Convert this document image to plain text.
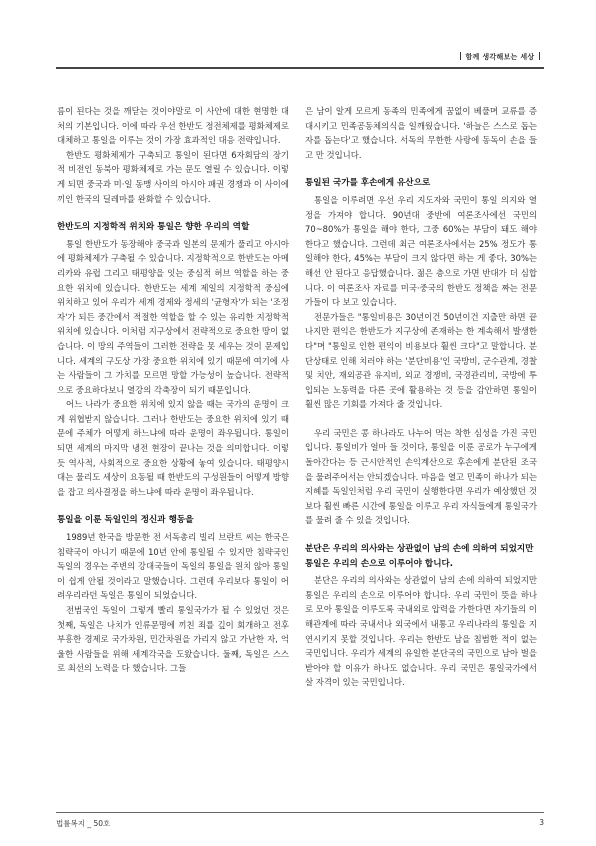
함께 생각해보는 세상

름이 된다는 것을 깨닫는 것이야말로 이 사안에 대한 현명한 대처의 기본입니다. 이에 따라 우선 한반도 정전체제를 평화체제로 대체하고 통일을 이루는 것이 가장 효과적인 대응 전략입니다.

한반도 평화체제가 구축되고 통일이 된다면 6자회담의 장기적 비전인 동북아 평화체제로 가는 문도 열릴 수 있습니다. 이렇게 되면 중국과 미·일 동맹 사이의 아시아 패권 경쟁과 이 사이에 끼인 한국의 딜레마를 완화할 수 있습니다.

한반도의 지정학적 위치와 통일은 향한 우리의 역할

통일 한반도가 동장해야 중국과 일본의 문제가 풀리고 아시아에 평화체제가 구축될 수 있습니다. 지정학적으로 한반도는 아메리카와 유럽 그리고 태평양을 잇는 중심적 허브 역할을 하는 중요한 위치에 있습니다. 한반도는 세계 제일의 지정학적 중심에 위치하고 있어 우리가 세계 경제와 정세의 '균형자'가 되는 '조정자'가 되든 중간에서 적절한 역할을 할 수 있는 유리한 지정학적 위치에 있습니다. 이처럼 지구상에서 전략적으로 중요한 땅이 없습니다. 이 땅의 주역들이 그러한 전략을 못 세우는 것이 문제입니다. 세계의 구도상 가장 중요한 위치에 있기 때문에 여기에 사는 사람들이 그 가치를 모르면 망할 가능성이 높습니다. 전략적으로 중요하다보니 열강의 각축장이 되기 때문입니다.

어느 나라가 중요한 위치에 있지 않을 때는 국가의 운명이 크게 위협받지 않습니다. 그러나 한반도는 중요한 위치에 있기 때문에 주체가 어떻게 하느냐에 따라 운명이 좌우됩니다. 통일이 되면 세계의 마지막 냉전 현장이 끝나는 것을 의미합니다. 이렇듯 역사적, 사회적으로 중요한 상황에 놓여 있습니다. 태평양시대는 물리도 세상이 요동될 때 한반도의 구성원들이 어떻게 방향을 잡고 의사결정을 하느냐에 따라 운명이 좌우됩니다.

통일을 이룬 독일인의 정신과 행동을

1989년 한국을 방문한 전 서독총리 빌리 브란트 씨는 한국은 침략국이 아니기 때문에 10년 안에 통일될 수 있지만 침략국인 독일의 경우는 주변의 강대국들이 독일의 통일을 원치 않아 통일이 쉽게 안될 것이라고 말했습니다. 그런데 우리보다 통일이 어려우리라던 독일은 통일이 되었습니다.

전범국인 독일이 그렇게 빨리 통일국가가 될 수 있었던 것은 첫째, 독일은 나치가 인류문명에 끼친 죄를 깊이 회개하고 전후 부흥한 경제로 국가차원, 민간차원을 가리지 않고 가난한 자, 억울한 사람들을 위해 세계각국을 도왔습니다. 둘째, 독일은 스스로 최선의 노력을 다 했습니다. 그들

은 남이 알게 모르게 동족의 민족에게 꿈없이 베풀며 교류를 증대시키고 민족공동체의식을 일깨웠습니다. '하늘은 스스로 돕는 자를 돕는다'고 했습니다. 서독의 무한한 사랑에 동독이 손을 들고 만 것입니다.

통일된 국가를 후손에게 유산으로

통일을 이루려면 우선 우리 지도자와 국민이 통일 의지와 열정을 가져야 합니다. 90년대 중반에 여론조사에선 국민의 70~80%가 통일을 해야 한다, 그중 60%는 부담이 돼도 해야 한다고 했습니다. 그런데 최근 여론조사에서는 25% 정도가 통일해야 한다, 45%는 부담이 크지 않다면 하는 게 좋다, 30%는 해선 안 된다고 응답했습니다. 젊은 층으로 가면 반대가 더 심합니다. 이 여론조사 자료를 미국·중국의 한반도 정책을 짜는 전문가들이 다 보고 있습니다.

전문가들은 "통일비용은 30년이건 50년이건 지출만 하면 끝나지만 편익은 한반도가 지구상에 존재하는 한 계속해서 발생한다"며 "통일로 인한 편익이 비용보다 훨씬 크다"고 말합니다. 분단상태로 인해 치러야 하는 '분단비용'인 국방비, 군수관계, 경찰 및 치안, 재외공관 유지비, 외교 경쟁비, 국경관리비, 국방에 투입되는 노동력을 다른 곳에 활용하는 것 등을 감안하면 통일이 훨씬 많은 기회를 가져다 줄 것입니다.

우리 국민은 콩 하나라도 나누어 먹는 착한 심성을 가진 국민입니다. 통일비가 얼마 들 것이다, 통일을 이룬 공로가 누구에게 돌아간다는 등 근시안적인 손익계산으로 후손에게 분단된 조국을 물려주어서는 안되겠습니다. 마음을 열고 민족이 하나가 되는 지혜를 독일인처럼 우리 국민이 실행한다면 우리가 예상했던 것보다 훨씬 빠른 시간에 통일을 이루고 우리 자식들에게 통일국가를 물려 줄 수 있을 것입니다.

분단은 우리의 의사와는 상관없이 남의 손에 의하여 되었지만 통일은 우리의 손으로 이루어야 합니다.

분단은 우리의 의사와는 상관없이 남의 손에 의하여 되었지만 통일은 우리의 손으로 이루어야 합니다. 우리 국민이 뜻을 하나로 모아 통일을 이루도록 국내외로 압력을 가한다면 자기들의 이해관계에 따라 국내서나 외국에서 내통고 우리나라의 통일을 지연시키지 못할 것입니다. 우리는 한반도 남을 침범한 적이 없는 국민입니다. 우리가 세계의 유일한 분단국의 국민으로 남아 벌을 받아야 할 이유가 하나도 없습니다. 우리 국민은 통일국가에서 살 자격이 있는 국민입니다.

법률복지 _ 50호	3
